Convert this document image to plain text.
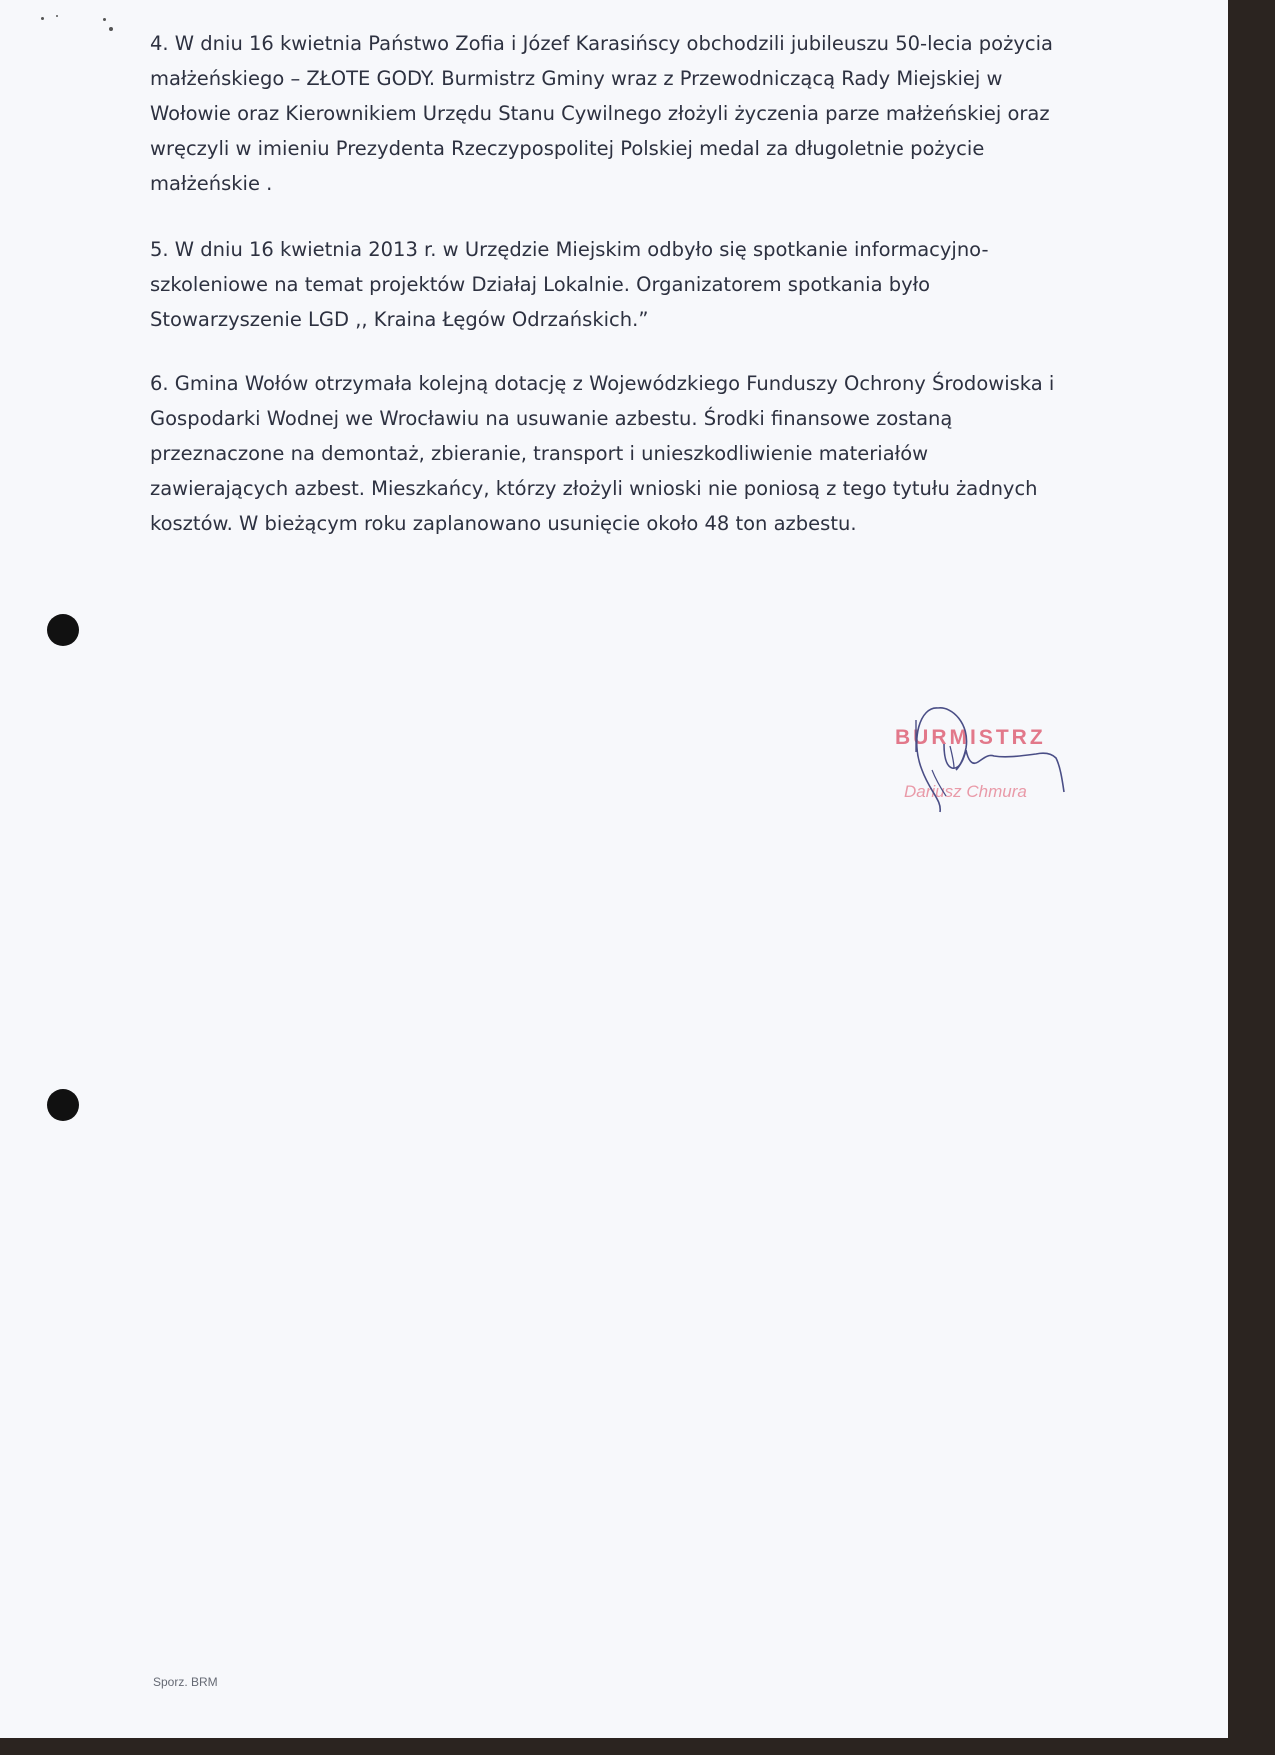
4. W dniu 16 kwietnia Państwo Zofia i Józef Karasińscy obchodzili jubileuszu 50-lecia pożycia
małżeńskiego – ZŁOTE GODY. Burmistrz Gminy wraz z Przewodniczącą Rady Miejskiej w
Wołowie oraz Kierownikiem Urzędu Stanu Cywilnego złożyli życzenia parze małżeńskiej oraz
wręczyli w imieniu Prezydenta Rzeczypospolitej Polskiej medal za długoletnie pożycie
małżeńskie .

5. W dniu 16 kwietnia 2013 r. w Urzędzie Miejskim odbyło się spotkanie informacyjno-
szkoleniowe na temat projektów Działaj Lokalnie. Organizatorem spotkania było
Stowarzyszenie LGD ,, Kraina Łęgów Odrzańskich.”

6. Gmina Wołów otrzymała kolejną dotację z Wojewódzkiego Funduszy Ochrony Środowiska i
Gospodarki Wodnej we Wrocławiu na usuwanie azbestu. Środki finansowe zostaną
przeznaczone na demontaż, zbieranie, transport i unieszkodliwienie materiałów
zawierających azbest. Mieszkańcy, którzy złożyli wnioski nie poniosą z tego tytułu żadnych
kosztów. W bieżącym roku zaplanowano usunięcie około 48 ton azbestu.

BURMISTRZ
Dariusz Chmura
Sporz. BRM
